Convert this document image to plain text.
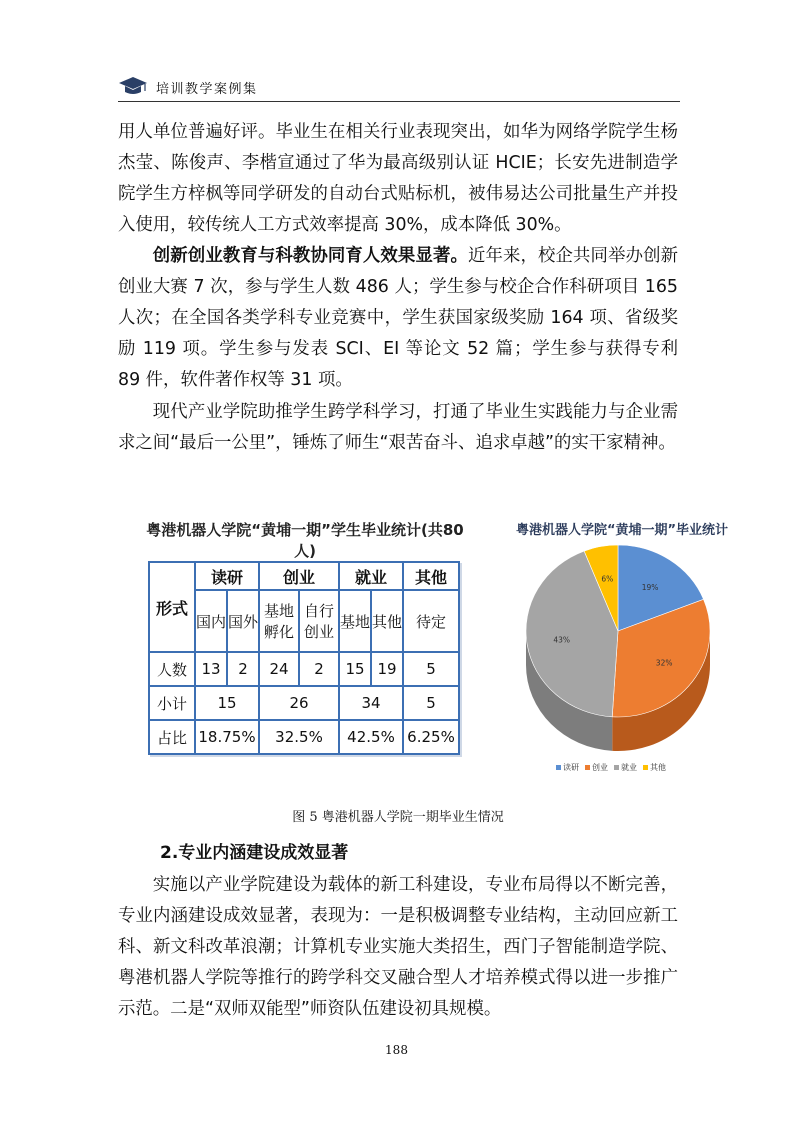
培训教学案例集

用人单位普遍好评。毕业生在相关行业表现突出，如华为网络学院学生杨杰莹、陈俊声、李楷宣通过了华为最高级别认证 HCIE；长安先进制造学院学生方梓枫等同学研发的自动台式贴标机，被伟易达公司批量生产并投入使用，较传统人工方式效率提高 30%，成本降低 30%。

创新创业教育与科教协同育人效果显著。近年来，校企共同举办创新创业大赛 7 次，参与学生人数 486 人；学生参与校企合作科研项目 165 人次；在全国各类学科专业竞赛中，学生获国家级奖励 164 项、省级奖励 119 项。学生参与发表 SCI、EI 等论文 52 篇；学生参与获得专利 89 件，软件著作权等 31 项。

现代产业学院助推学生跨学科学习，打通了毕业生实践能力与企业需求之间“最后一公里”，锤炼了师生“艰苦奋斗、追求卓越”的实干家精神。

粤港机器人学院“黄埔一期”学生毕业统计(共80人)
形式	读研		创业		就业		其他
	国内	国外	基地孵化	自行创业	基地	其他	待定
人数	13	2	24	2	15	19	5
小计	15		26		34		5
占比	18.75%		32.5%		42.5%		6.25%
粤港机器人学院“黄埔一期”毕业统计
19%
32%
43%
6%
读研 创业 就业 其他
图 5 粤港机器人学院一期毕业生情况
2.专业内涵建设成效显著

实施以产业学院建设为载体的新工科建设，专业布局得以不断完善，专业内涵建设成效显著，表现为：一是积极调整专业结构，主动回应新工科、新文科改革浪潮；计算机专业实施大类招生，西门子智能制造学院、粤港机器人学院等推行的跨学科交叉融合型人才培养模式得以进一步推广示范。二是“双师双能型”师资队伍建设初具规模。

188
